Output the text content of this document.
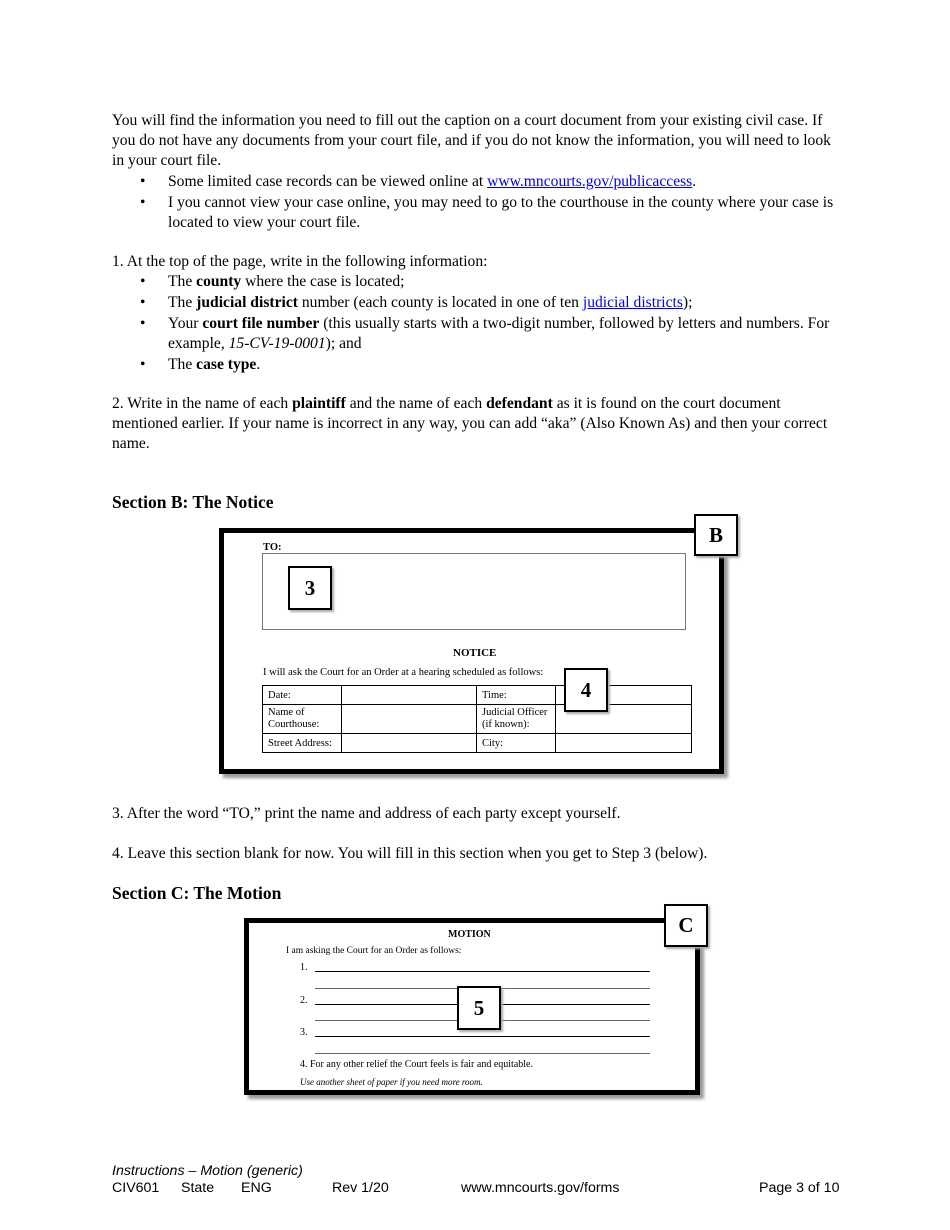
You will find the information you need to fill out the caption on a court document from your existing civil case. If you do not have any documents from your court file, and if you do not know the information, you will need to look in your court file.

• Some limited case records can be viewed online at www.mncourts.gov/publicaccess.
• I you cannot view your case online, you may need to go to the courthouse in the county where your case is located to view your court file.

1. At the top of the page, write in the following information:

• The county where the case is located;
• The judicial district number (each county is located in one of ten judicial districts);
• Your court file number (this usually starts with a two-digit number, followed by letters and numbers. For example, 15-CV-19-0001); and
• The case type.

2. Write in the name of each plaintiff and the name of each defendant as it is found on the court document mentioned earlier. If your name is incorrect in any way, you can add “aka” (Also Known As) and then your correct name.

Section B: The Notice
TO:
NOTICE
I will ask the Court for an Order at a hearing scheduled as follows:
Date:		Time:	
Name of Courthouse:		Judicial Officer (if known):	
Street Address:		City:	
3
4
B

3. After the word “TO,” print the name and address of each party except yourself.

4. Leave this section blank for now. You will fill in this section when you get to Step 3 (below).

Section C: The Motion
MOTION
I am asking the Court for an Order as follows:
1.
2.
3.
4. For any other relief the Court feels is fair and equitable.
Use another sheet of paper if you need more room.
5
C
Instructions – Motion (generic)
CIV601 State ENG	Rev 1/20	www.mncourts.gov/forms	Page 3 of 10
